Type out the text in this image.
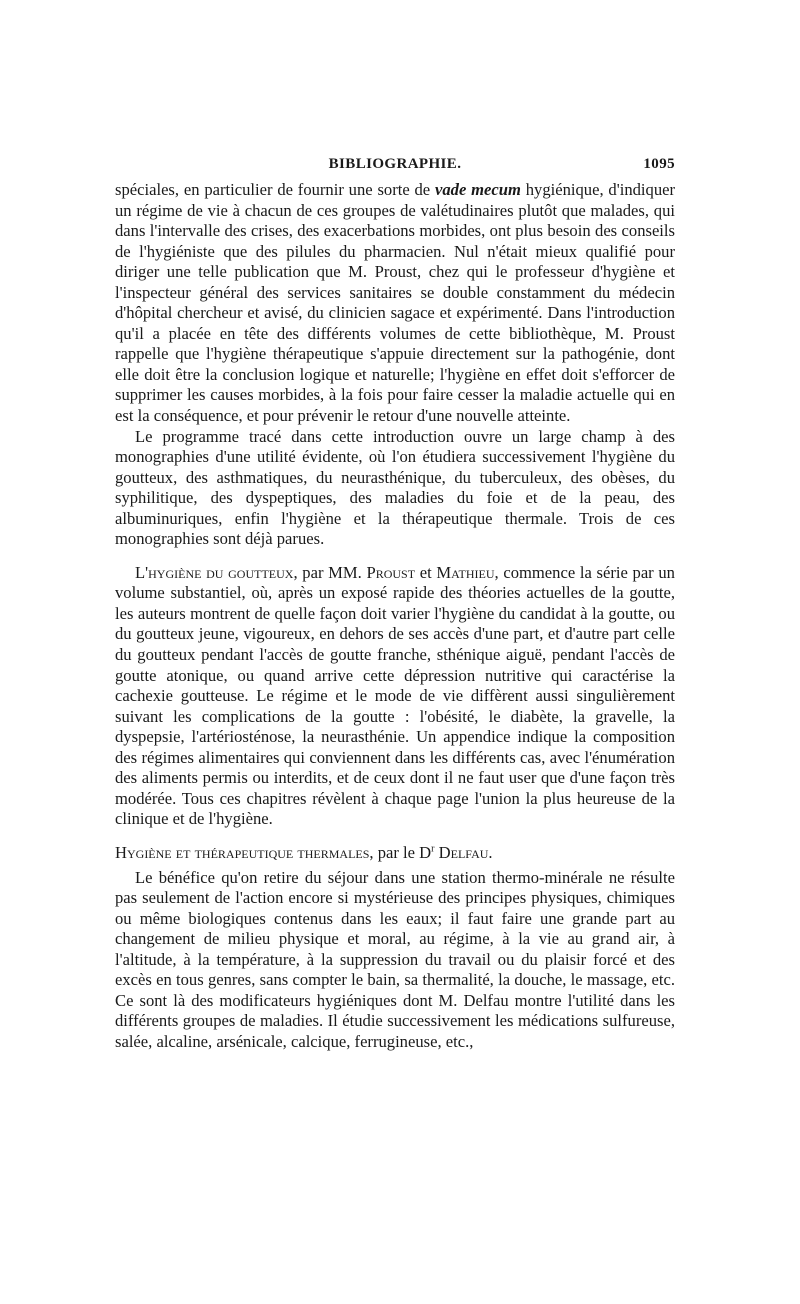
BIBLIOGRAPHIE.	1095

spéciales, en particulier de fournir une sorte de vade mecum hygiénique, d'indiquer un régime de vie à chacun de ces groupes de valétudinaires plutôt que malades, qui dans l'intervalle des crises, des exacerbations morbides, ont plus besoin des conseils de l'hygiéniste que des pilules du pharmacien. Nul n'était mieux qualifié pour diriger une telle publication que M. Proust, chez qui le professeur d'hygiène et l'inspecteur général des services sanitaires se double constamment du médecin d'hôpital chercheur et avisé, du clinicien sagace et expérimenté. Dans l'introduction qu'il a placée en tête des différents volumes de cette bibliothèque, M. Proust rappelle que l'hygiène thérapeutique s'appuie directement sur la pathogénie, dont elle doit être la conclusion logique et naturelle; l'hygiène en effet doit s'efforcer de supprimer les causes morbides, à la fois pour faire cesser la maladie actuelle qui en est la conséquence, et pour prévenir le retour d'une nouvelle atteinte.

Le programme tracé dans cette introduction ouvre un large champ à des monographies d'une utilité évidente, où l'on étudiera successivement l'hygiène du goutteux, des asthmatiques, du neurasthénique, du tuberculeux, des obèses, du syphilitique, des dyspeptiques, des maladies du foie et de la peau, des albuminuriques, enfin l'hygiène et la thérapeutique thermale. Trois de ces monographies sont déjà parues.

L'hygiène du goutteux, par MM. Proust et Mathieu, commence la série par un volume substantiel, où, après un exposé rapide des théories actuelles de la goutte, les auteurs montrent de quelle façon doit varier l'hygiène du candidat à la goutte, ou du goutteux jeune, vigoureux, en dehors de ses accès d'une part, et d'autre part celle du goutteux pendant l'accès de goutte franche, sthénique aiguë, pendant l'accès de goutte atonique, ou quand arrive cette dépression nutritive qui caractérise la cachexie goutteuse. Le régime et le mode de vie diffèrent aussi singulièrement suivant les complications de la goutte : l'obésité, le diabète, la gravelle, la dyspepsie, l'artériosténose, la neurasthénie. Un appendice indique la composition des régimes alimentaires qui conviennent dans les différents cas, avec l'énumération des aliments permis ou interdits, et de ceux dont il ne faut user que d'une façon très modérée. Tous ces chapitres révèlent à chaque page l'union la plus heureuse de la clinique et de l'hygiène.

Hygiène et thérapeutique thermales, par le $D^r$ Delfau.

Le bénéfice qu'on retire du séjour dans une station thermo-minérale ne résulte pas seulement de l'action encore si mystérieuse des principes physiques, chimiques ou même biologiques contenus dans les eaux; il faut faire une grande part au changement de milieu physique et moral, au régime, à la vie au grand air, à l'altitude, à la température, à la suppression du travail ou du plaisir forcé et des excès en tous genres, sans compter le bain, sa thermalité, la douche, le massage, etc. Ce sont là des modificateurs hygiéniques dont M. Delfau montre l'utilité dans les différents groupes de maladies. Il étudie successivement les médications sulfureuse, salée, alcaline, arsénicale, calcique, ferrugineuse, etc.,
